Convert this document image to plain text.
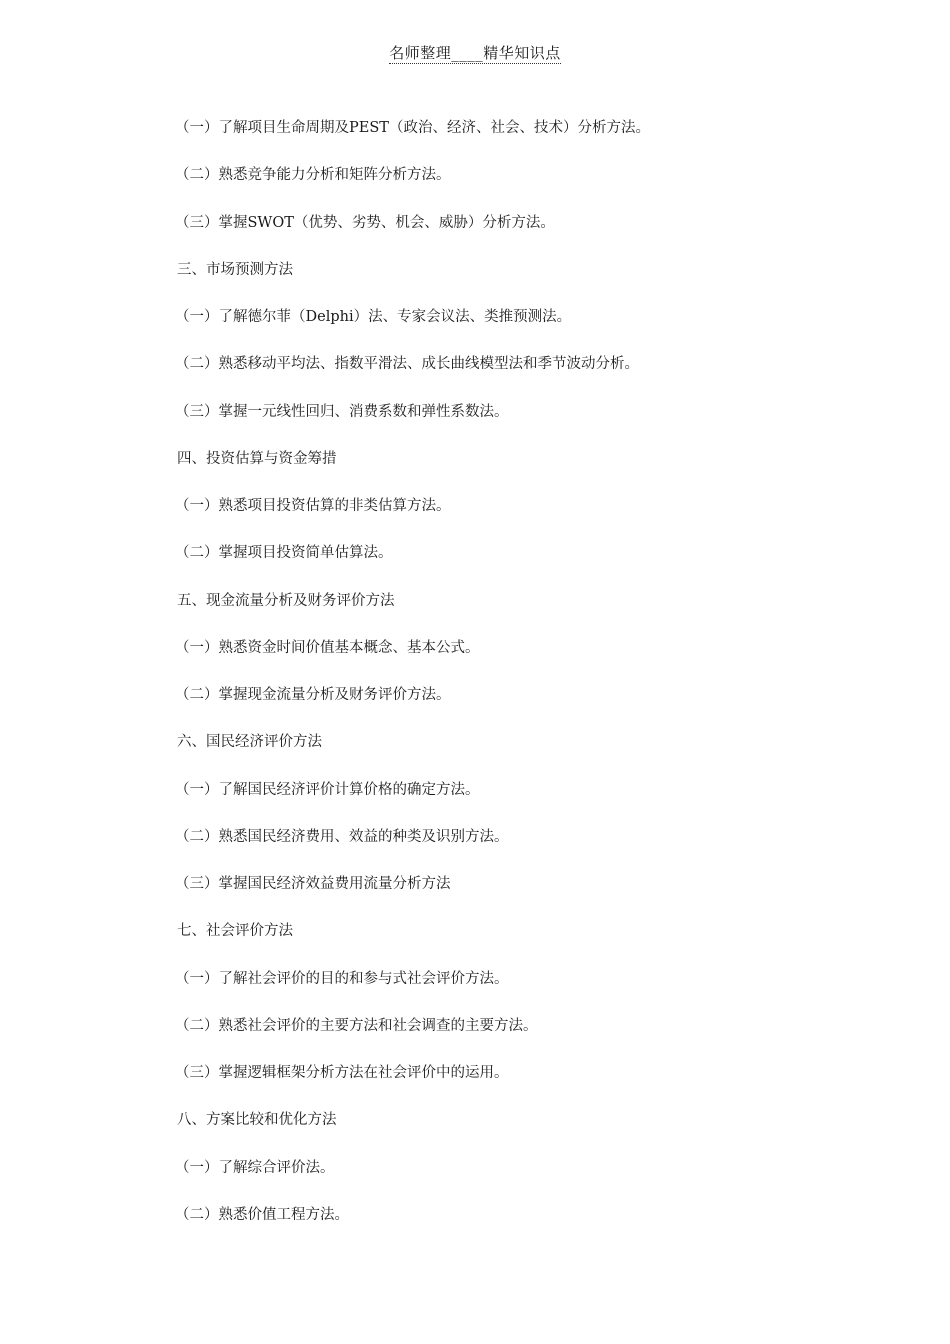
名师整理____精华知识点
（一）了解项目生命周期及PEST（政治、经济、社会、技术）分析方法。
（二）熟悉竞争能力分析和矩阵分析方法。
（三）掌握SWOT（优势、劣势、机会、威胁）分析方法。
三、市场预测方法
（一）了解德尔菲（Delphi）法、专家会议法、类推预测法。
（二）熟悉移动平均法、指数平滑法、成长曲线模型法和季节波动分析。
（三）掌握一元线性回归、消费系数和弹性系数法。
四、投资估算与资金筹措
（一）熟悉项目投资估算的非类估算方法。
（二）掌握项目投资简单估算法。
五、现金流量分析及财务评价方法
（一）熟悉资金时间价值基本概念、基本公式。
（二）掌握现金流量分析及财务评价方法。
六、国民经济评价方法
（一）了解国民经济评价计算价格的确定方法。
（二）熟悉国民经济费用、效益的种类及识别方法。
（三）掌握国民经济效益费用流量分析方法
七、社会评价方法
（一）了解社会评价的目的和参与式社会评价方法。
（二）熟悉社会评价的主要方法和社会调查的主要方法。
（三）掌握逻辑框架分析方法在社会评价中的运用。
八、方案比较和优化方法
（一）了解综合评价法。
（二）熟悉价值工程方法。
